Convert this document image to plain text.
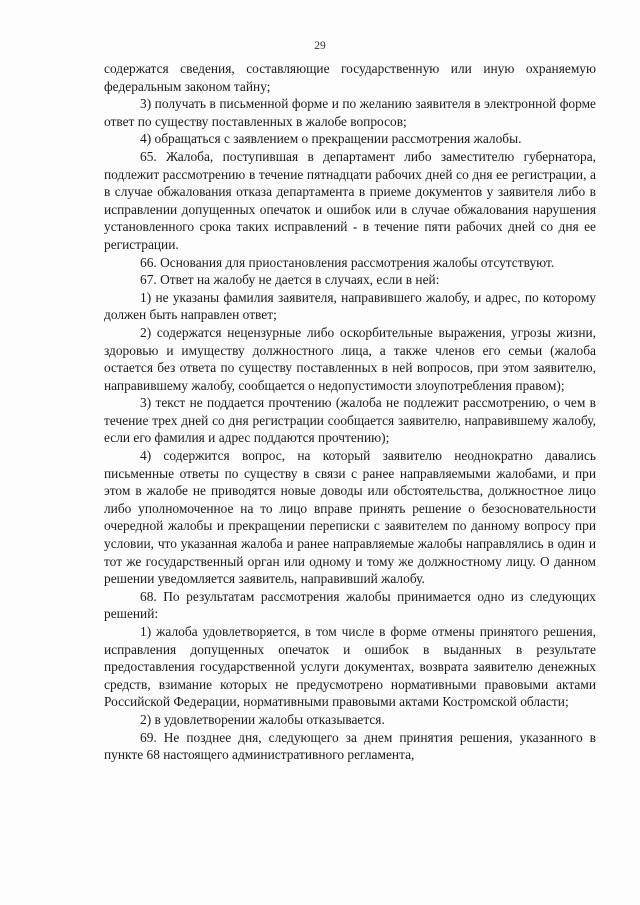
29

содержатся сведения, составляющие государственную или иную охраняемую федеральным законом тайну;

3) получать в письменной форме и по желанию заявителя в электронной форме ответ по существу поставленных в жалобе вопросов;

4) обращаться с заявлением о прекращении рассмотрения жалобы.

65. Жалоба, поступившая в департамент либо заместителю губернатора, подлежит рассмотрению в течение пятнадцати рабочих дней со дня ее регистрации, а в случае обжалования отказа департамента в приеме документов у заявителя либо в исправлении допущенных опечаток и ошибок или в случае обжалования нарушения установленного срока таких исправлений - в течение пяти рабочих дней со дня ее регистрации.

66. Основания для приостановления рассмотрения жалобы отсутствуют.

67. Ответ на жалобу не дается в случаях, если в ней:

1) не указаны фамилия заявителя, направившего жалобу, и адрес, по которому должен быть направлен ответ;

2) содержатся нецензурные либо оскорбительные выражения, угрозы жизни, здоровью и имуществу должностного лица, а также членов его семьи (жалоба остается без ответа по существу поставленных в ней вопросов, при этом заявителю, направившему жалобу, сообщается о недопустимости злоупотребления правом);

3) текст не поддается прочтению (жалоба не подлежит рассмотрению, о чем в течение трех дней со дня регистрации сообщается заявителю, направившему жалобу, если его фамилия и адрес поддаются прочтению);

4) содержится вопрос, на который заявителю неоднократно давались письменные ответы по существу в связи с ранее направляемыми жалобами, и при этом в жалобе не приводятся новые доводы или обстоятельства, должностное лицо либо уполномоченное на то лицо вправе принять решение о безосновательности очередной жалобы и прекращении переписки с заявителем по данному вопросу при условии, что указанная жалоба и ранее направляемые жалобы направлялись в один и тот же государственный орган или одному и тому же должностному лицу. О данном решении уведомляется заявитель, направивший жалобу.

68. По результатам рассмотрения жалобы принимается одно из следующих решений:

1) жалоба удовлетворяется, в том числе в форме отмены принятого решения, исправления допущенных опечаток и ошибок в выданных в результате предоставления государственной услуги документах, возврата заявителю денежных средств, взимание которых не предусмотрено нормативными правовыми актами Российской Федерации, нормативными правовыми актами Костромской области;

2) в удовлетворении жалобы отказывается.

69. Не позднее дня, следующего за днем принятия решения, указанного в пункте 68 настоящего административного регламента,
